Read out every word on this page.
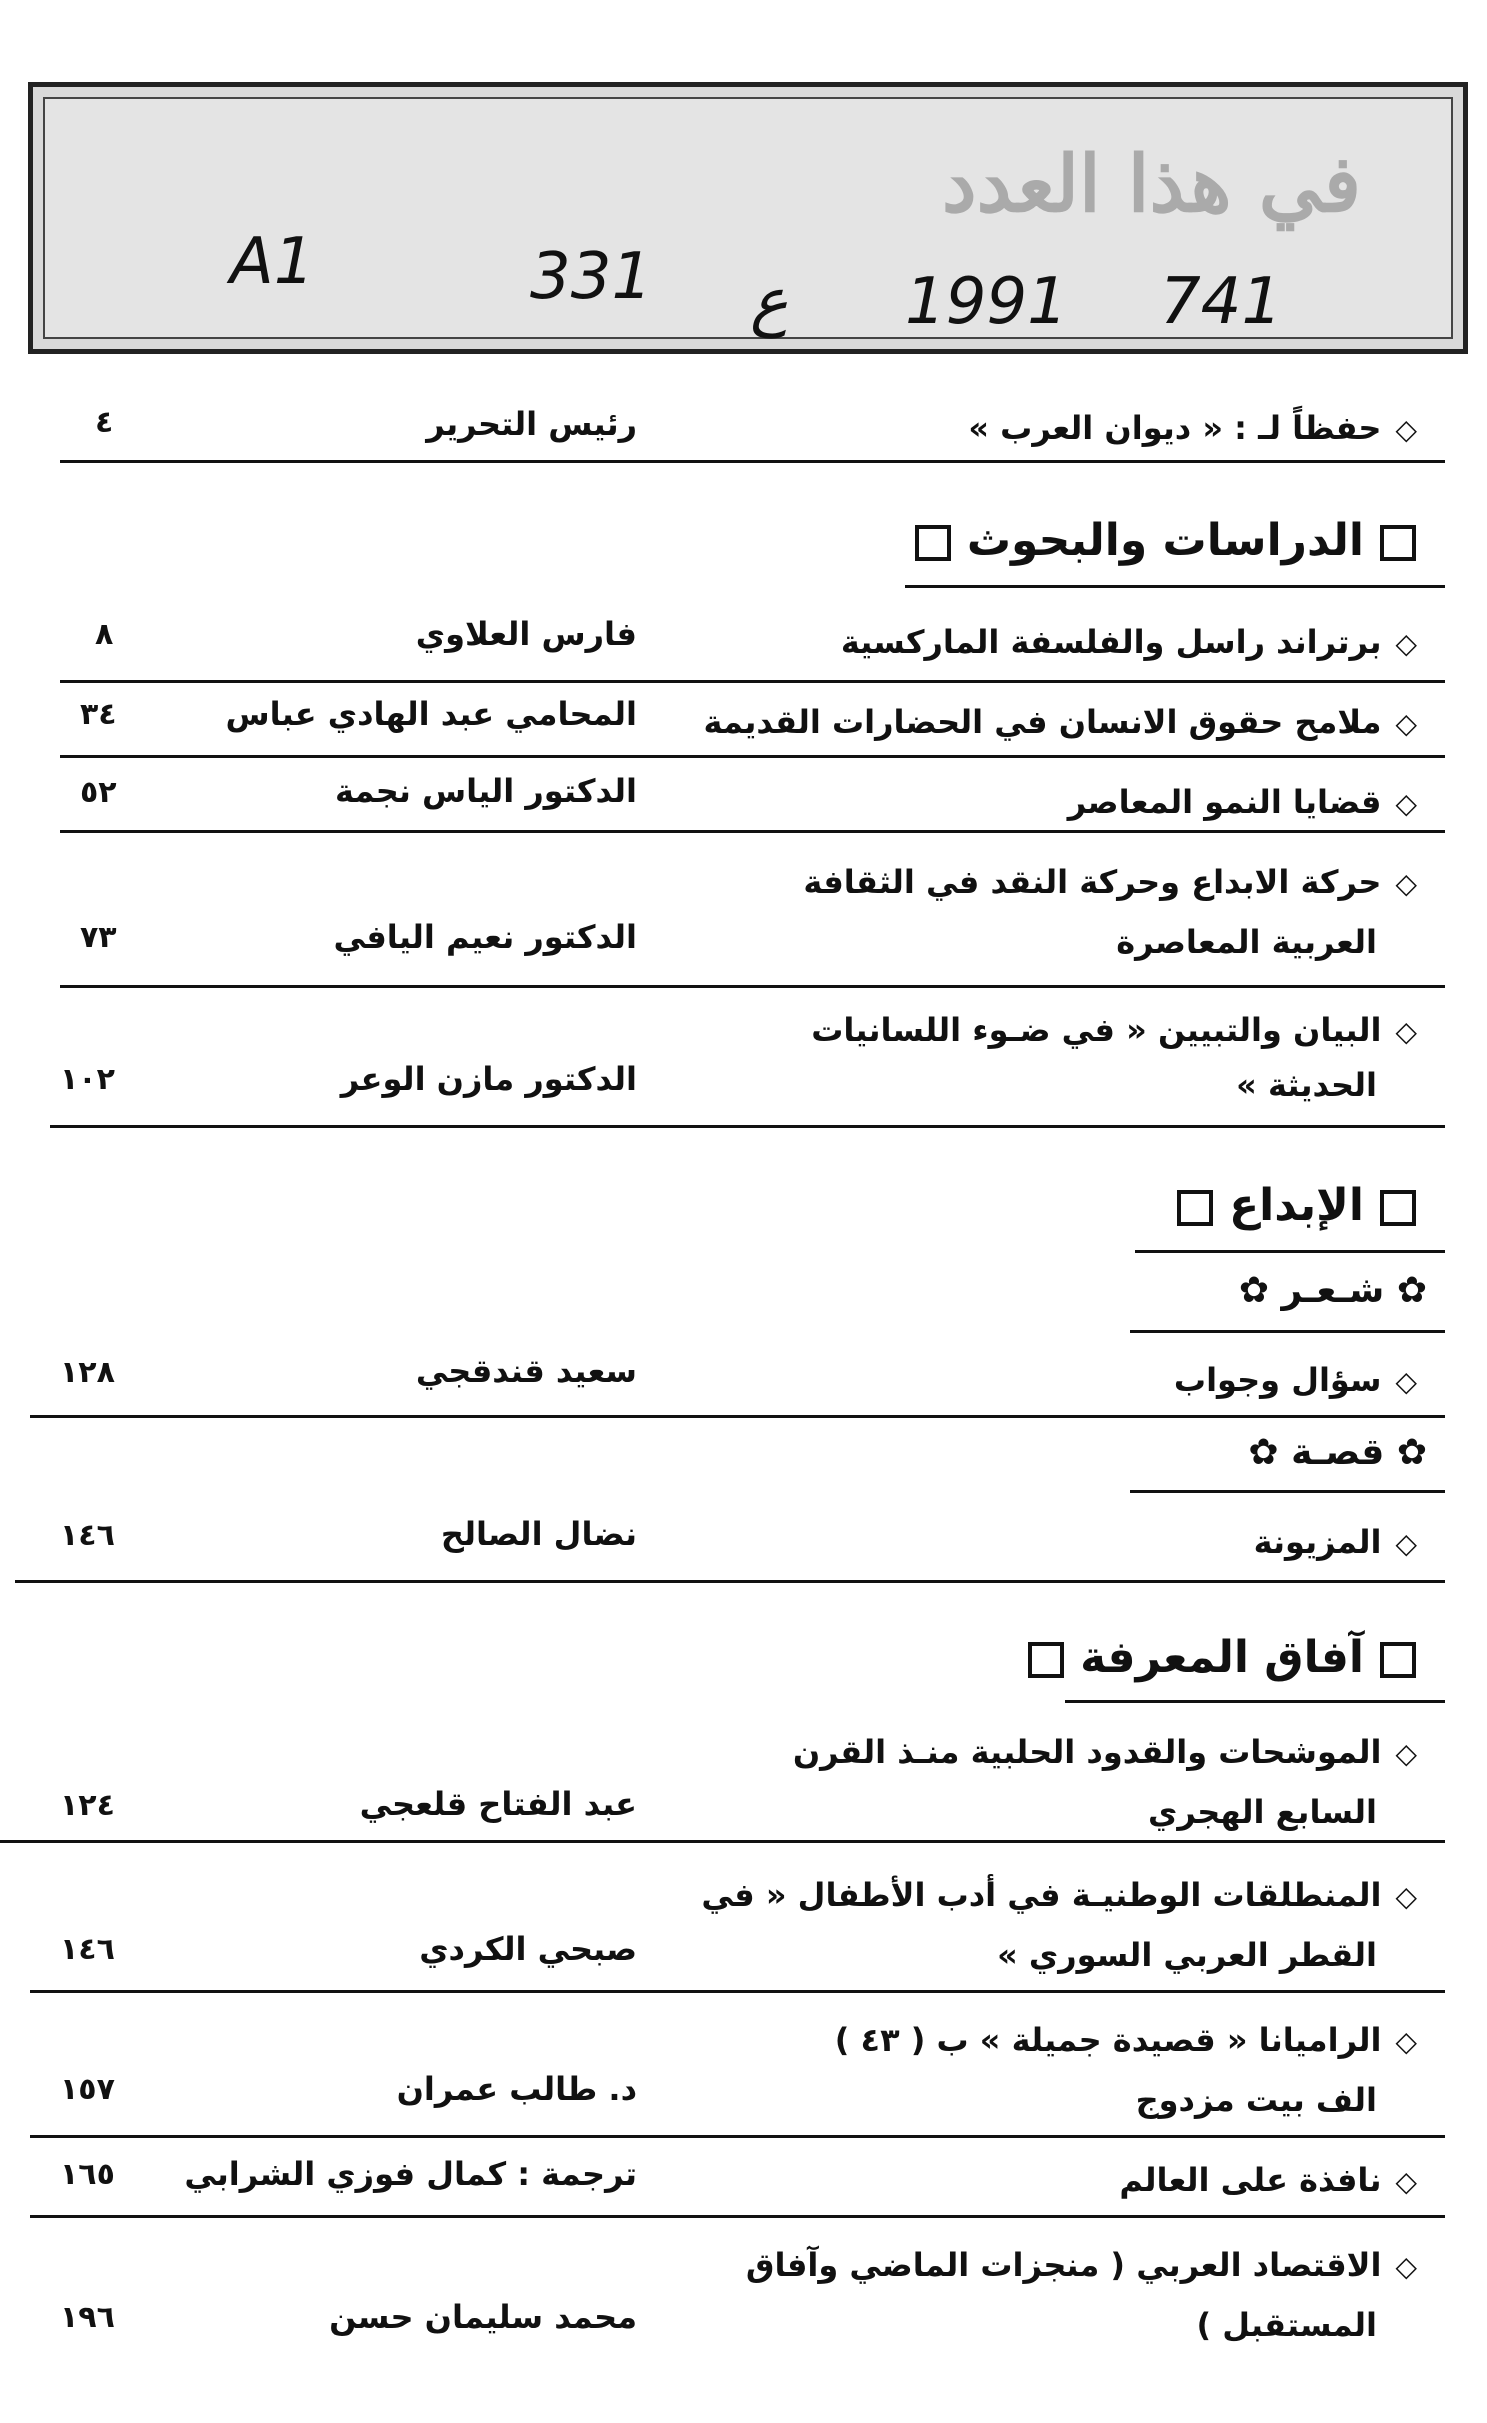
في هذا العدد
A1	331 ع 1991 741
◇حفظاً لـ : « ديوان العرب »
رئيس التحرير
٤
الدراسات والبحوث
◇برتراند راسل والفلسفة الماركسية
فارس العلاوي
٨
◇ملامح حقوق الانسان في الحضارات القديمة
المحامي عبد الهادي عباس
٣٤
◇قضايا النمو المعاصر
الدكتور الياس نجمة
٥٢
◇حركة الابداع وحركة النقد في الثقافة
العربية المعاصرة
الدكتور نعيم اليافي
٧٣
◇البيان والتبيين « في ضـوء اللسانيات
الحديثة »
الدكتور مازن الوعر
١٠٢
الإبداع
✿ شـعـر ✿
◇سؤال وجواب
سعيد قندقجي
١٢٨
✿ قصـة ✿
◇المزيونة
نضال الصالح
١٤٦
آفاق المعرفة
◇الموشحات والقدود الحلبية منـذ القرن
السابع الهجري
عبد الفتاح قلعجي
١٢٤
◇المنطلقات الوطنيـة في أدب الأطفال « في
القطر العربي السوري »
صبحي الكردي
١٤٦
◇الراميانا « قصيدة جميلة » ب ( ٤٣ )
الف بيت مزدوج
د. طالب عمران
١٥٧
◇نافذة على العالم
ترجمة : كمال فوزي الشرابي
١٦٥
◇الاقتصاد العربي ( منجزات الماضي وآفاق
المستقبل )
محمد سليمان حسن
١٩٦
